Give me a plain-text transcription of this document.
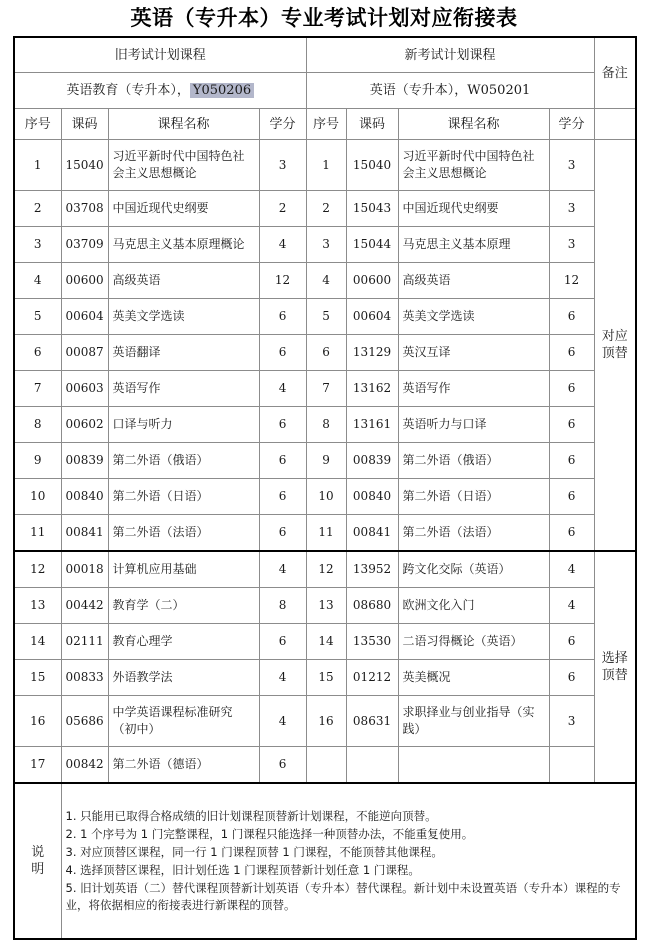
英语（专升本）专业考试计划对应衔接表
旧考试计划课程				新考试计划课程				备注
英语教育（专升本）， Y050206				英语（专升本），W050201				
序号	课码	课程名称	学分	序号	课码	课程名称	学分	
1	15040	习近平新时代中国特色社会主义思想概论	3	1	15040	习近平新时代中国特色社会主义思想概论	3	对应顶替
2	03708	中国近现代史纲要	2	2	15043	中国近现代史纲要	3	
3	03709	马克思主义基本原理概论	4	3	15044	马克思主义基本原理	3	
4	00600	高级英语	12	4	00600	高级英语	12	
5	00604	英美文学选读	6	5	00604	英美文学选读	6	
6	00087	英语翻译	6	6	13129	英汉互译	6	
7	00603	英语写作	4	7	13162	英语写作	6	
8	00602	口译与听力	6	8	13161	英语听力与口译	6	
9	00839	第二外语（俄语）	6	9	00839	第二外语（俄语）	6	
10	00840	第二外语（日语）	6	10	00840	第二外语（日语）	6	
11	00841	第二外语（法语）	6	11	00841	第二外语（法语）	6	
12	00018	计算机应用基础	4	12	13952	跨文化交际（英语）	4	选择顶替
13	00442	教育学（二）	8	13	08680	欧洲文化入门	4	
14	02111	教育心理学	6	14	13530	二语习得概论（英语）	6	
15	00833	外语教学法	4	15	01212	英美概况	6	
16	05686	中学英语课程标准研究（初中）	4	16	08631	求职择业与创业指导（实践）	3	
17	00842	第二外语（德语）	6					
说
明	

1. 只能用已取得合格成绩的旧计划课程顶替新计划课程，不能逆向顶替。

2. 1 个序号为 1 门完整课程，1 门课程只能选择一种顶替办法，不能重复使用。

3. 对应顶替区课程，同一行 1 门课程顶替 1 门课程，不能顶替其他课程。

4. 选择顶替区课程，旧计划任选 1 门课程顶替新计划任意 1 门课程。

5. 旧计划英语（二）替代课程顶替新计划英语（专升本）替代课程。新计划中未设置英语（专升本）课程的专业，将依据相应的衔接表进行新课程的顶替。
